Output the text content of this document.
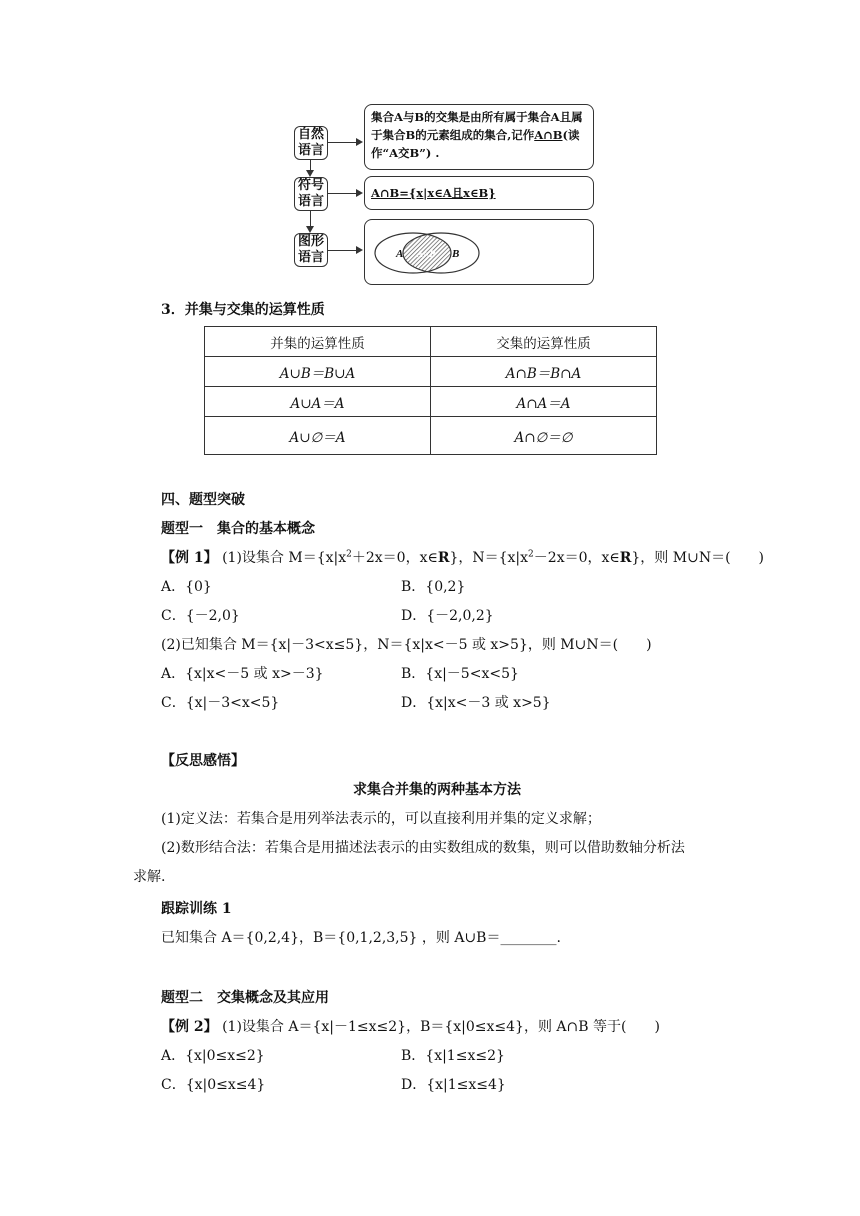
自然
语言
符号
语言
图形
语言
集合A与B的交集是由所有属于集合A且属
于集合B的元素组成的集合,记作A∩B(读
作“A交B”) .
A∩B={x|x∈A且x∈B}
A A∩B B
3．并集与交集的运算性质
并集的运算性质	交集的运算性质
A∪B＝B∪A	A∩B＝B∩A
A∪A＝A	A∩A＝A
A∪∅＝A	A∩∅＝∅
四、题型突破
题型一　集合的基本概念
【例 1】 (1)设集合 $M=\{x|x^2+2x=0$，x∈R}，$N=\{x|x^2-2x=0$，x∈R}，则 M∪N＝(　　)
A．{0}	B．{0,2}
C．{－2,0}	D．{－2,0,2}
(2)已知集合 M＝{x|－3<x≤5}，N＝{x|x<－5 或 x>5}，则 M∪N＝(　　)
A．{x|x<－5 或 x>－3}	B．{x|－5<x<5}
C．{x|－3<x<5}	D．{x|x<－3 或 x>5}
【反思感悟】
求集合并集的两种基本方法
(1)定义法：若集合是用列举法表示的，可以直接利用并集的定义求解；
(2)数形结合法：若集合是用描述法表示的由实数组成的数集，则可以借助数轴分析法
求解.
跟踪训练 1
已知集合 A＝{0,2,4}，B＝{0,1,2,3,5} ，则 A∪B＝________.
题型二　交集概念及其应用
【例 2】 (1)设集合 A＝{x|－1≤x≤2}，B＝{x|0≤x≤4}，则 A∩B 等于(　　)
A．{x|0≤x≤2}	B．{x|1≤x≤2}
C．{x|0≤x≤4}	D．{x|1≤x≤4}
